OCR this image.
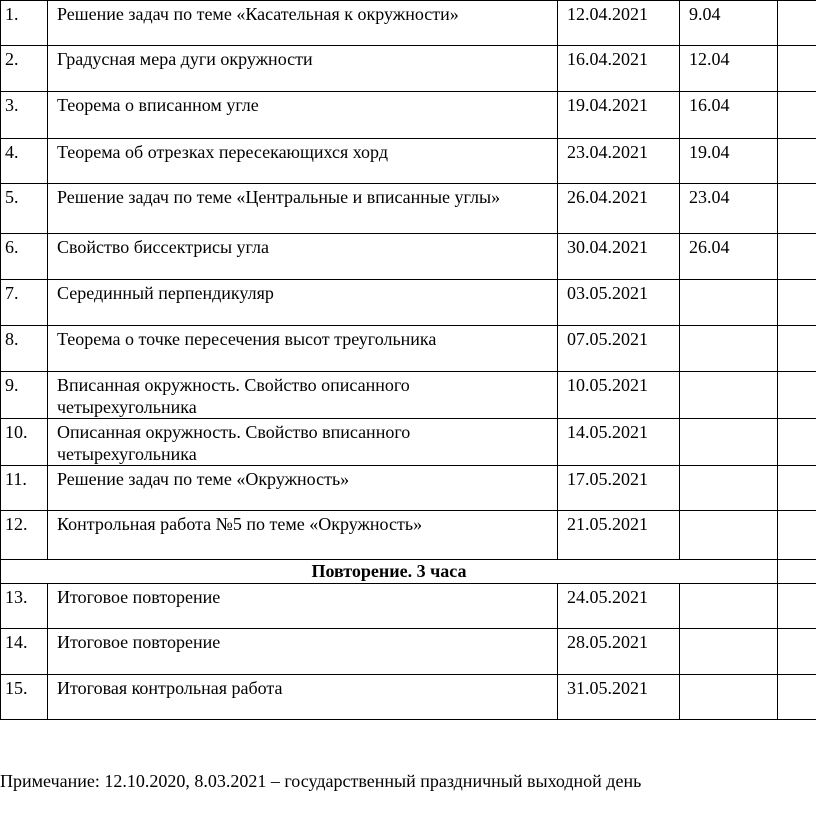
1.	Решение задач по теме «Касательная к окружности»	12.04.2021	9.04	
2.	Градусная мера дуги окружности	16.04.2021	12.04	
3.	Теорема о вписанном угле	19.04.2021	16.04	
4.	Теорема об отрезках пересекающихся хорд	23.04.2021	19.04	
5.	Решение задач по теме «Центральные и вписанные углы»	26.04.2021	23.04	
6.	Свойство биссектрисы угла	30.04.2021	26.04	
7.	Серединный перпендикуляр	03.05.2021		
8.	Теорема о точке пересечения высот треугольника	07.05.2021		
9.	Вписанная окружность. Свойство описанного четырехугольника	10.05.2021		
10.	Описанная окружность. Свойство вписанного четырехугольника	14.05.2021		
11.	Решение задач по теме «Окружность»	17.05.2021		
12.	Контрольная работа №5 по теме «Окружность»	21.05.2021		
Повторение. 3 часа				
13.	Итоговое повторение	24.05.2021		
14.	Итоговое повторение	28.05.2021		
15.	Итоговая контрольная работа	31.05.2021		
Примечание: 12.10.2020, 8.03.2021 – государственный праздничный выходной день
